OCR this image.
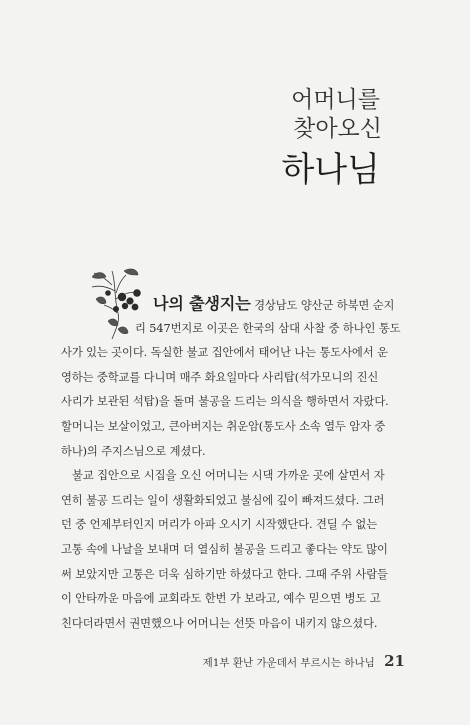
어머니를
찾아오신
하나님
나의 출생지는 경상남도 양산군 하북면 순지
리 547번지로 이곳은 한국의 삼대 사찰 중 하나인 통도
사가 있는 곳이다. 독실한 불교 집안에서 태어난 나는 통도사에서 운
영하는 중학교를 다니며 매주 화요일마다 사리탑(석가모니의 진신
사리가 보관된 석탑)을 돌며 불공을 드리는 의식을 행하면서 자랐다.
할머니는 보살이었고, 큰아버지는 취운암(통도사 소속 열두 암자 중
하나)의 주지스님으로 계셨다.
불교 집안으로 시집을 오신 어머니는 시댁 가까운 곳에 살면서 자
연히 불공 드리는 일이 생활화되었고 불심에 깊이 빠져드셨다. 그러
던 중 언제부터인지 머리가 아파 오시기 시작했단다. 견딜 수 없는
고통 속에 나날을 보내며 더 열심히 불공을 드리고 좋다는 약도 많이
써 보았지만 고통은 더욱 심하기만 하셨다고 한다. 그때 주위 사람들
이 안타까운 마음에 교회라도 한번 가 보라고, 예수 믿으면 병도 고
친다더라면서 권면했으나 어머니는 선뜻 마음이 내키지 않으셨다.
제1부 환난 가운데서 부르시는 하나님 21
